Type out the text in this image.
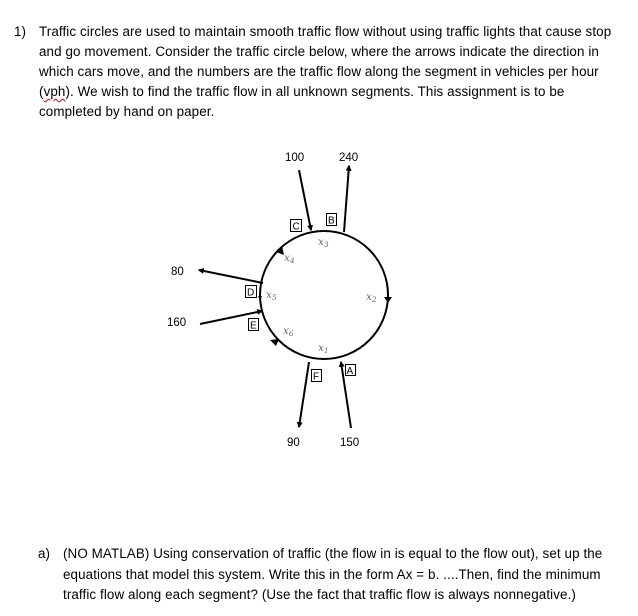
1) Traffic circles are used to maintain smooth traffic flow without using traffic lights that cause stop and go movement. Consider the traffic circle below, where the arrows indicate the direction in which cars move, and the numbers are the traffic flow along the segment in vehicles per hour (vph). We wish to find the traffic flow in all unknown segments. This assignment is to be completed by hand on paper.
100	240
80
160
90	150
C
B
D
E
F	A
x1
x2
x3
x4
x5
x6
a) (NO MATLAB) Using conservation of traffic (the flow in is equal to the flow out), set up the equations that model this system. Write this in the form Ax = b. ....Then, find the minimum traffic flow along each segment? (Use the fact that traffic flow is always nonnegative.)
